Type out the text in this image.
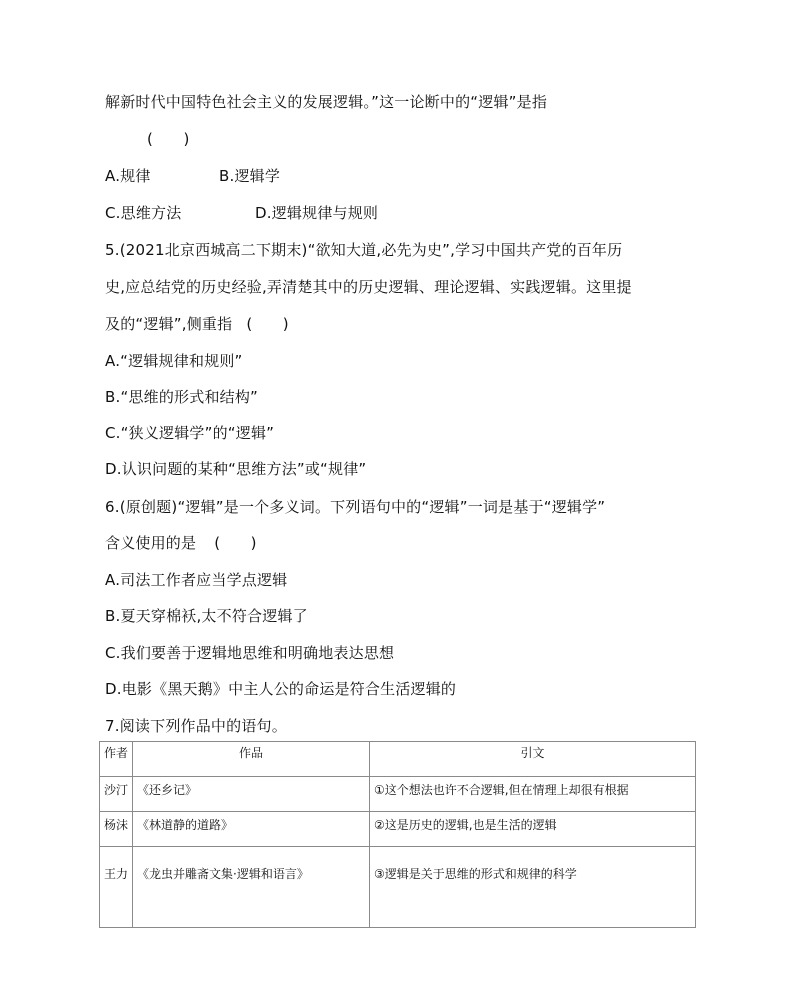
解新时代中国特色社会主义的发展逻辑。”这一论断中的“逻辑”是指
(　　)
A.规律	B.逻辑学
C.思维方法	D.逻辑规律与规则
5.(2021北京西城高二下期末)“欲知大道,必先为史”,学习中国共产党的百年历
史,应总结党的历史经验,弄清楚其中的历史逻辑、理论逻辑、实践逻辑。这里提
及的“逻辑”,侧重指 (　　)
A.“逻辑规律和规则”
B.“思维的形式和结构”
C.“狭义逻辑学”的“逻辑”
D.认识问题的某种“思维方法”或“规律”
6.(原创题)“逻辑”是一个多义词。下列语句中的“逻辑”一词是基于“逻辑学”
含义使用的是 (　　)
A.司法工作者应当学点逻辑
B.夏天穿棉袄,太不符合逻辑了
C.我们要善于逻辑地思维和明确地表达思想
D.电影《黑天鹅》中主人公的命运是符合生活逻辑的
7.阅读下列作品中的语句。
作者	作品	引文
沙汀	《还乡记》	①这个想法也许不合逻辑,但在情理上却很有根据
杨沫	《林道静的道路》	②这是历史的逻辑,也是生活的逻辑
王力	《龙虫并雕斋文集·逻辑和语言》	③逻辑是关于思维的形式和规律的科学
